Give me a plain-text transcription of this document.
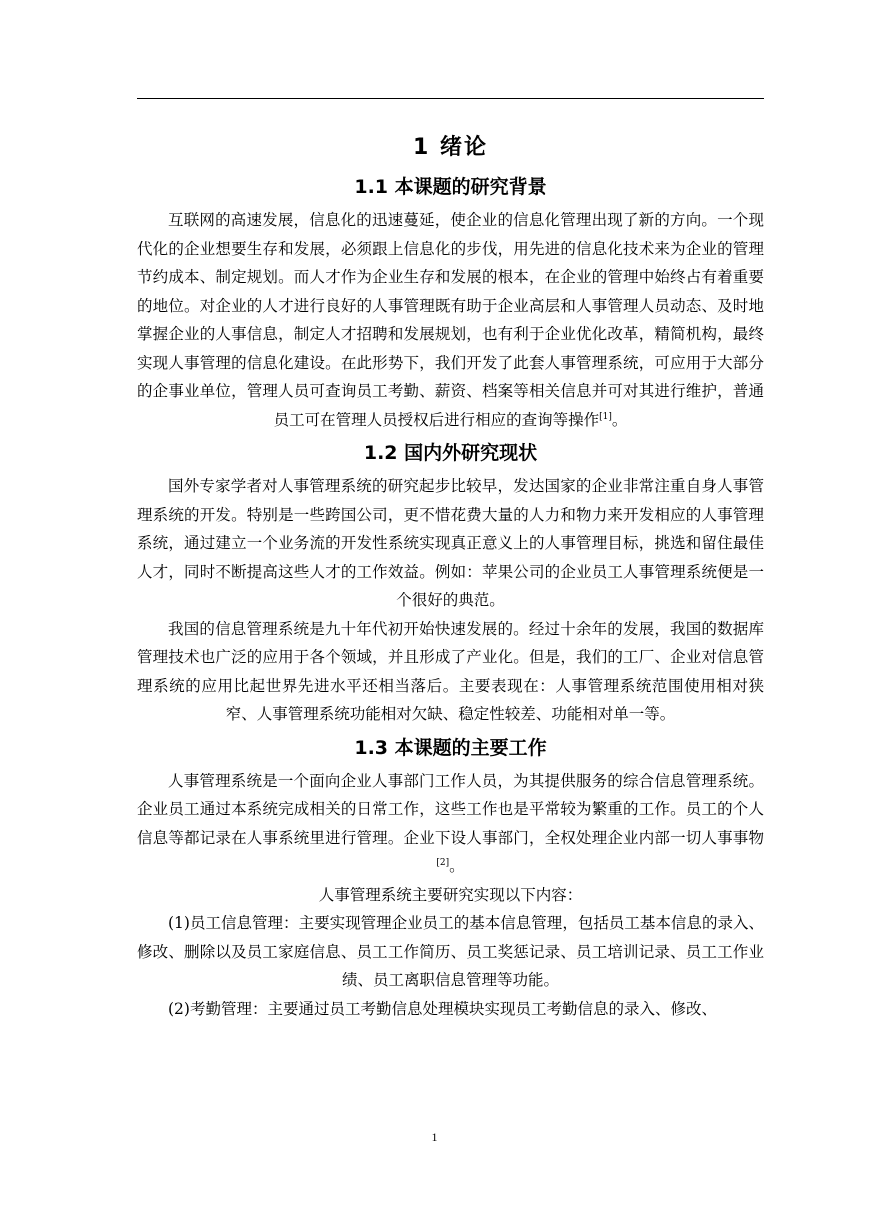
1 绪论
1.1 本课题的研究背景

互联网的高速发展，信息化的迅速蔓延，使企业的信息化管理出现了新的方向。一个现代化的企业想要生存和发展，必须跟上信息化的步伐，用先进的信息化技术来为企业的管理节约成本、制定规划。而人才作为企业生存和发展的根本，在企业的管理中始终占有着重要的地位。对企业的人才进行良好的人事管理既有助于企业高层和人事管理人员动态、及时地掌握企业的人事信息，制定人才招聘和发展规划，也有利于企业优化改革，精简机构，最终实现人事管理的信息化建设。在此形势下，我们开发了此套人事管理系统，可应用于大部分的企事业单位，管理人员可查询员工考勤、薪资、档案等相关信息并可对其进行维护，普通员工可在管理人员授权后进行相应的查询等操作[1]。

1.2 国内外研究现状

国外专家学者对人事管理系统的研究起步比较早，发达国家的企业非常注重自身人事管理系统的开发。特别是一些跨国公司，更不惜花费大量的人力和物力来开发相应的人事管理系统，通过建立一个业务流的开发性系统实现真正意义上的人事管理目标，挑选和留住最佳人才，同时不断提高这些人才的工作效益。例如：苹果公司的企业员工人事管理系统便是一个很好的典范。

我国的信息管理系统是九十年代初开始快速发展的。经过十余年的发展，我国的数据库管理技术也广泛的应用于各个领域，并且形成了产业化。但是，我们的工厂、企业对信息管理系统的应用比起世界先进水平还相当落后。主要表现在：人事管理系统范围使用相对狭窄、人事管理系统功能相对欠缺、稳定性较差、功能相对单一等。

1.3 本课题的主要工作

人事管理系统是一个面向企业人事部门工作人员，为其提供服务的综合信息管理系统。企业员工通过本系统完成相关的日常工作，这些工作也是平常较为繁重的工作。员工的个人信息等都记录在人事系统里进行管理。企业下设人事部门，全权处理企业内部一切人事事物[2]。

人事管理系统主要研究实现以下内容：

(1)员工信息管理：主要实现管理企业员工的基本信息管理，包括员工基本信息的录入、修改、删除以及员工家庭信息、员工工作简历、员工奖惩记录、员工培训记录、员工工作业绩、员工离职信息管理等功能。

(2)考勤管理：主要通过员工考勤信息处理模块实现员工考勤信息的录入、修改、

1
